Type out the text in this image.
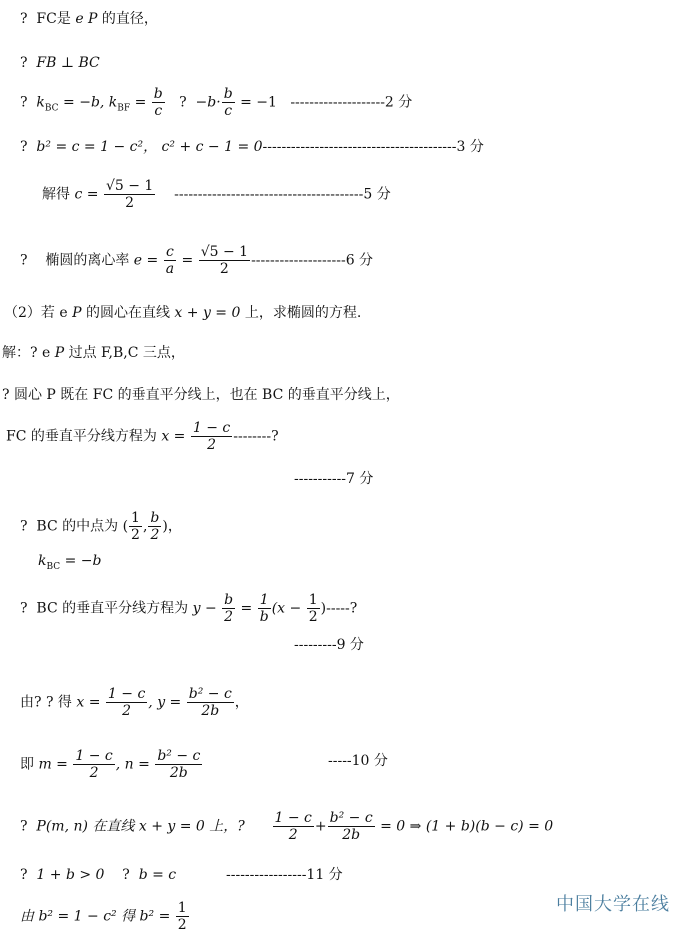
? FC是 e P 的直径，
? FB ⊥ BC
? $k_{BC} = -b$, $k_{BF} = \frac{b}{c}$ ? $-b\cdot \frac{b}{c} = -1$ --------------------2 分
? b² = c = 1 − c²， c² + c − 1 = 0-----------------------------------------3 分
解得 $c = \frac{√5 - 1}{2} ----------------------------------------5$ 分
? 椭圆的离心率 $e = \frac{c}{a} = \frac{√5 - 1}{2} --------------------6$ 分
（2）若 e P 的圆心在直线 x + y = 0 上，求椭圆的方程.
解：? e P 过点 F,B,C 三点，
? 圆心 P 既在 FC 的垂直平分线上，也在 BC 的垂直平分线上，
FC 的垂直平分线方程为 $x = \frac{1 - c}{2}$ --------?
-----------7 分
? BC 的中点为 ( $\frac{1}{2}$ , $\frac{b}{2}$ )，
$k_{BC} = -b$
? BC 的垂直平分线方程为 $y - \frac{b}{2} = \frac{1}{b} (x - \frac{1}{2}$ )-----?
---------9 分
由? ? 得 $x = \frac{1 - c}{2}$ , $y = \frac{\text{b² − c}}{2b}$ ，
即 $m = \frac{1 - c}{2}$ , $n = \frac{\text{b² − c}}{2b}$	-----10 分
? P(m, n) 在直线 x + y = 0 上，? $\frac{1 - c}{2} + \frac{\text{b² − c}}{2b} = 0$ ⇒ (1 + b)(b − c) = 0
? 1 + b > 0 ? b = c	-----------------11 分
由 b² = 1 − c² 得 $b^2 = \frac{1}{2}$	中国大学在线
